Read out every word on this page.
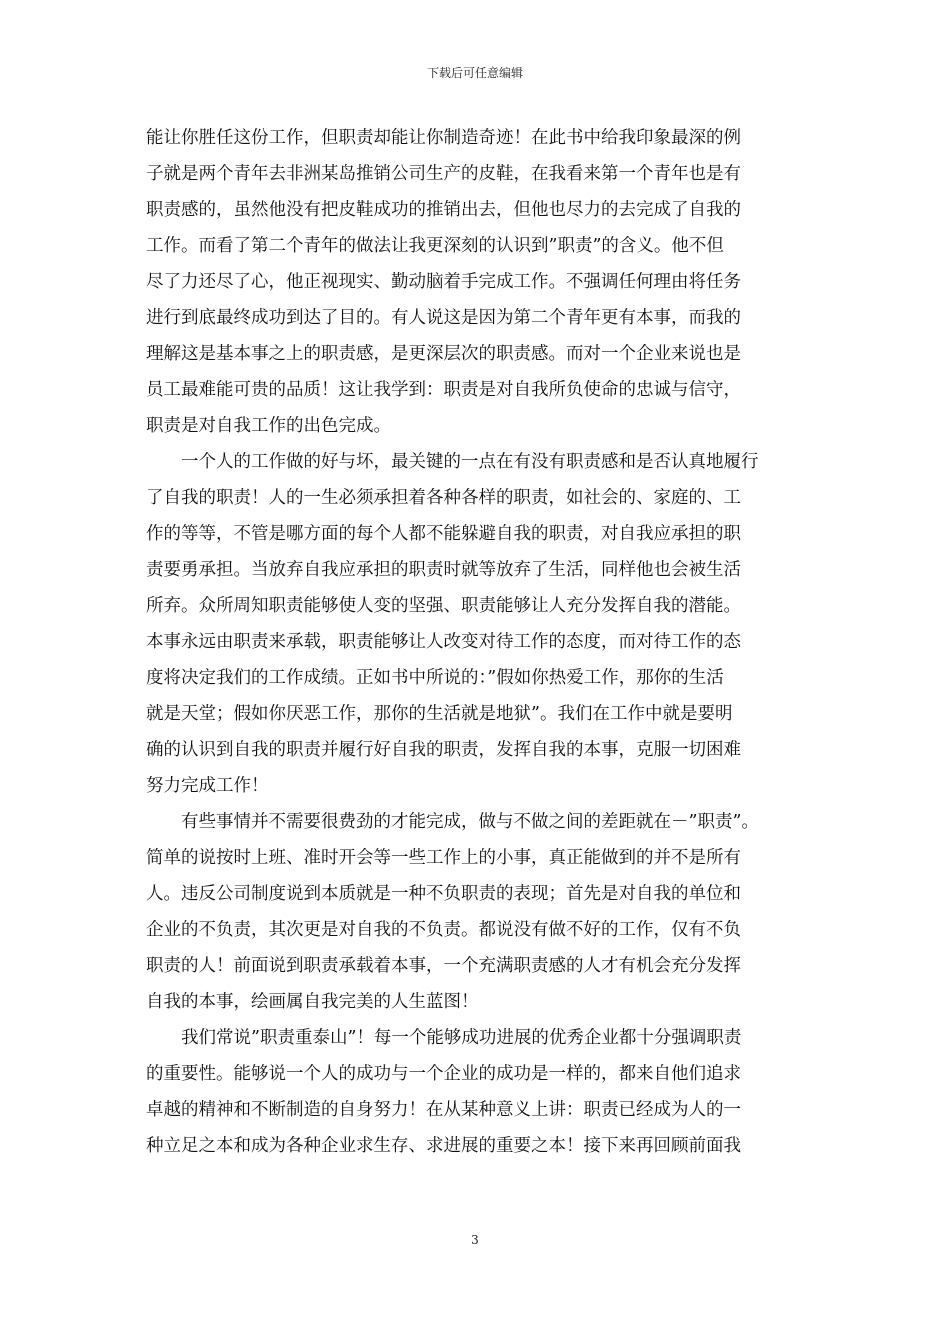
下载后可任意编辑

能让你胜任这份工作，但职责却能让你制造奇迹！在此书中给我印象最深的例
子就是两个青年去非洲某岛推销公司生产的皮鞋，在我看来第一个青年也是有
职责感的，虽然他没有把皮鞋成功的推销出去，但他也尽力的去完成了自我的
工作。而看了第二个青年的做法让我更深刻的认识到”职责”的含义。他不但
尽了力还尽了心，他正视现实、勤动脑着手完成工作。不强调任何理由将任务
进行到底最终成功到达了目的。有人说这是因为第二个青年更有本事，而我的
理解这是基本事之上的职责感，是更深层次的职责感。而对一个企业来说也是
员工最难能可贵的品质！这让我学到：职责是对自我所负使命的忠诚与信守，
职责是对自我工作的出色完成。

一个人的工作做的好与坏，最关键的一点在有没有职责感和是否认真地履行
了自我的职责！人的一生必须承担着各种各样的职责，如社会的、家庭的、工
作的等等，不管是哪方面的每个人都不能躲避自我的职责，对自我应承担的职
责要勇承担。当放弃自我应承担的职责时就等放弃了生活，同样他也会被生活
所弃。众所周知职责能够使人变的坚强、职责能够让人充分发挥自我的潜能。
本事永远由职责来承载，职责能够让人改变对待工作的态度，而对待工作的态
度将决定我们的工作成绩。正如书中所说的：”假如你热爱工作，那你的生活
就是天堂；假如你厌恶工作，那你的生活就是地狱”。我们在工作中就是要明
确的认识到自我的职责并履行好自我的职责，发挥自我的本事，克服一切困难
努力完成工作！

有些事情并不需要很费劲的才能完成，做与不做之间的差距就在－”职责”。
简单的说按时上班、准时开会等一些工作上的小事，真正能做到的并不是所有
人。违反公司制度说到本质就是一种不负职责的表现；首先是对自我的单位和
企业的不负责，其次更是对自我的不负责。都说没有做不好的工作，仅有不负
职责的人！前面说到职责承载着本事，一个充满职责感的人才有机会充分发挥
自我的本事，绘画属自我完美的人生蓝图！

我们常说”职责重泰山”！每一个能够成功进展的优秀企业都十分强调职责
的重要性。能够说一个人的成功与一个企业的成功是一样的，都来自他们追求
卓越的精神和不断制造的自身努力！在从某种意义上讲：职责已经成为人的一
种立足之本和成为各种企业求生存、求进展的重要之本！接下来再回顾前面我

3
